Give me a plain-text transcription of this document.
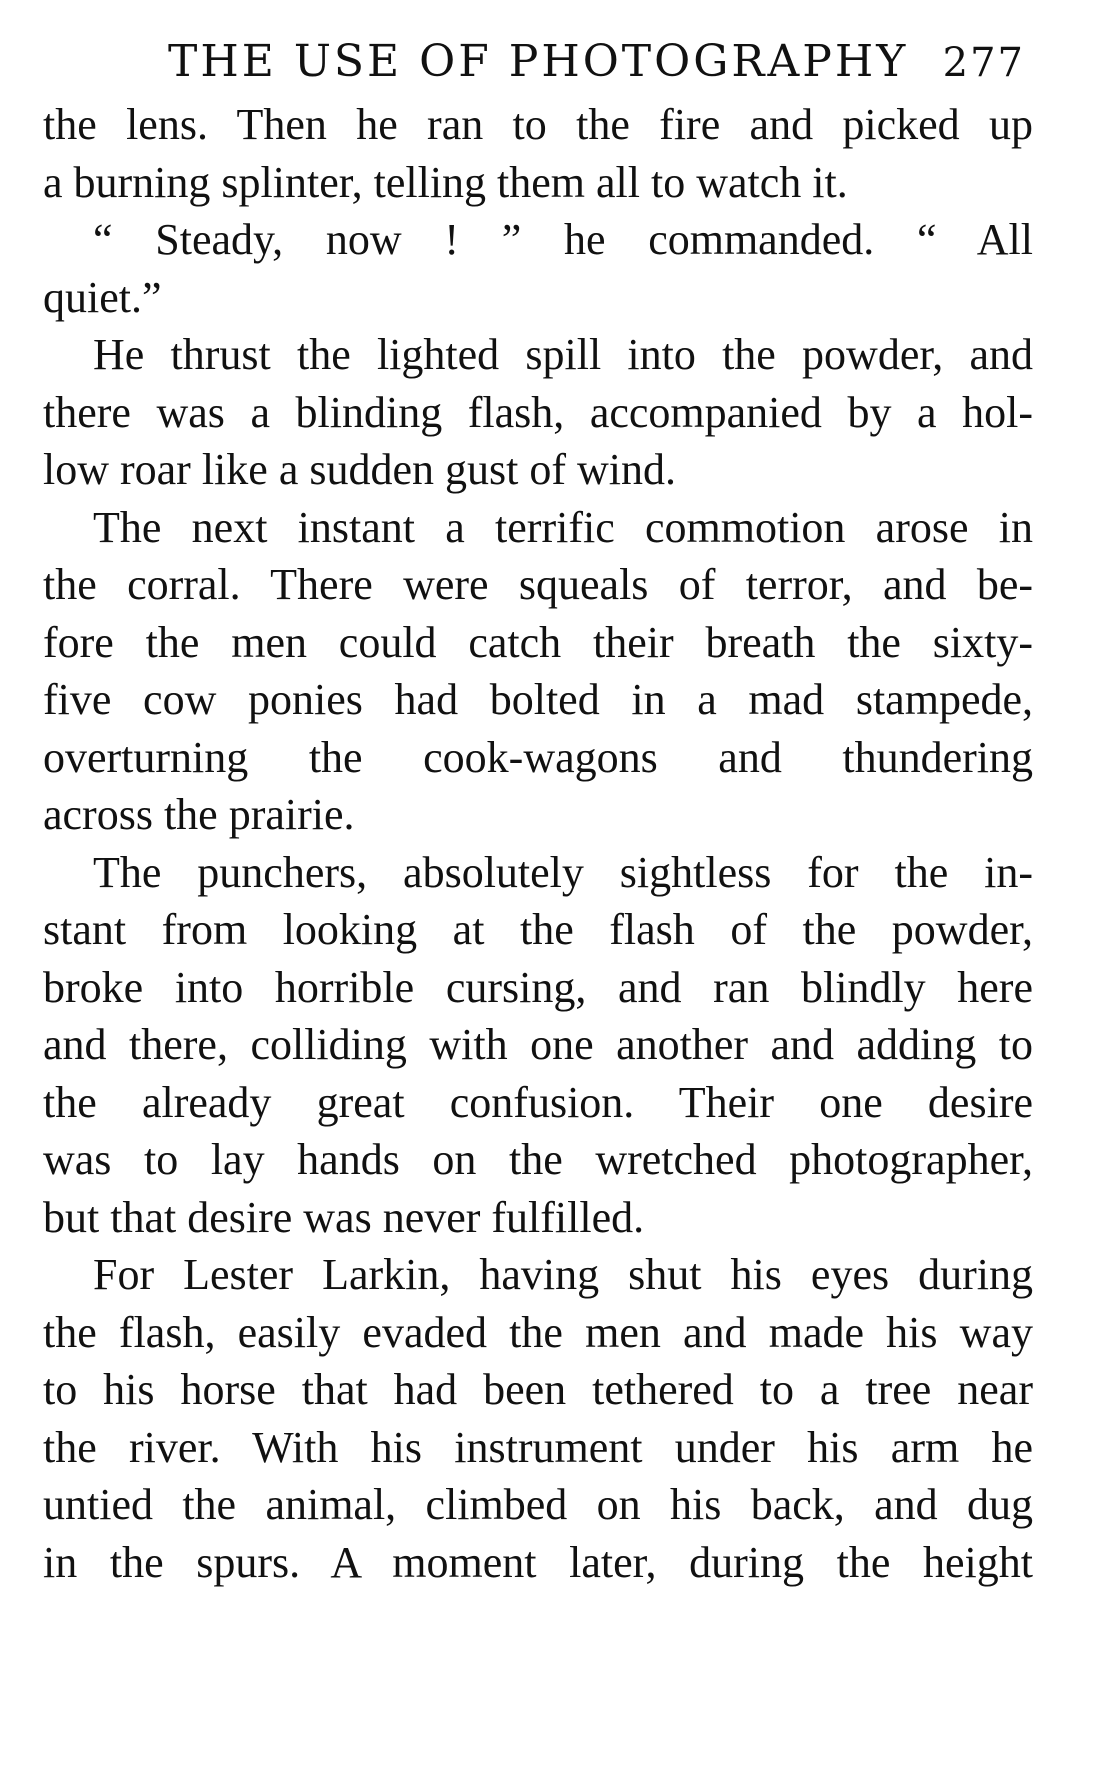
THE USE OF PHOTOGRAPHY 277

the lens. Then he ran to the fire and picked up
a burning splinter, telling them all to watch it.

“ Steady, now ! ” he commanded. “ All
quiet.”

He thrust the lighted spill into the powder, and
there was a blinding flash, accompanied by a hol-
low roar like a sudden gust of wind.

The next instant a terrific commotion arose in
the corral. There were squeals of terror, and be-
fore the men could catch their breath the sixty-
five cow ponies had bolted in a mad stampede,
overturning the cook-wagons and thundering
across the prairie.

The punchers, absolutely sightless for the in-
stant from looking at the flash of the powder,
broke into horrible cursing, and ran blindly here
and there, colliding with one another and adding to
the already great confusion. Their one desire
was to lay hands on the wretched photographer,
but that desire was never fulfilled.

For Lester Larkin, having shut his eyes during
the flash, easily evaded the men and made his way
to his horse that had been tethered to a tree near
the river. With his instrument under his arm he
untied the animal, climbed on his back, and dug
in the spurs. A moment later, during the height
